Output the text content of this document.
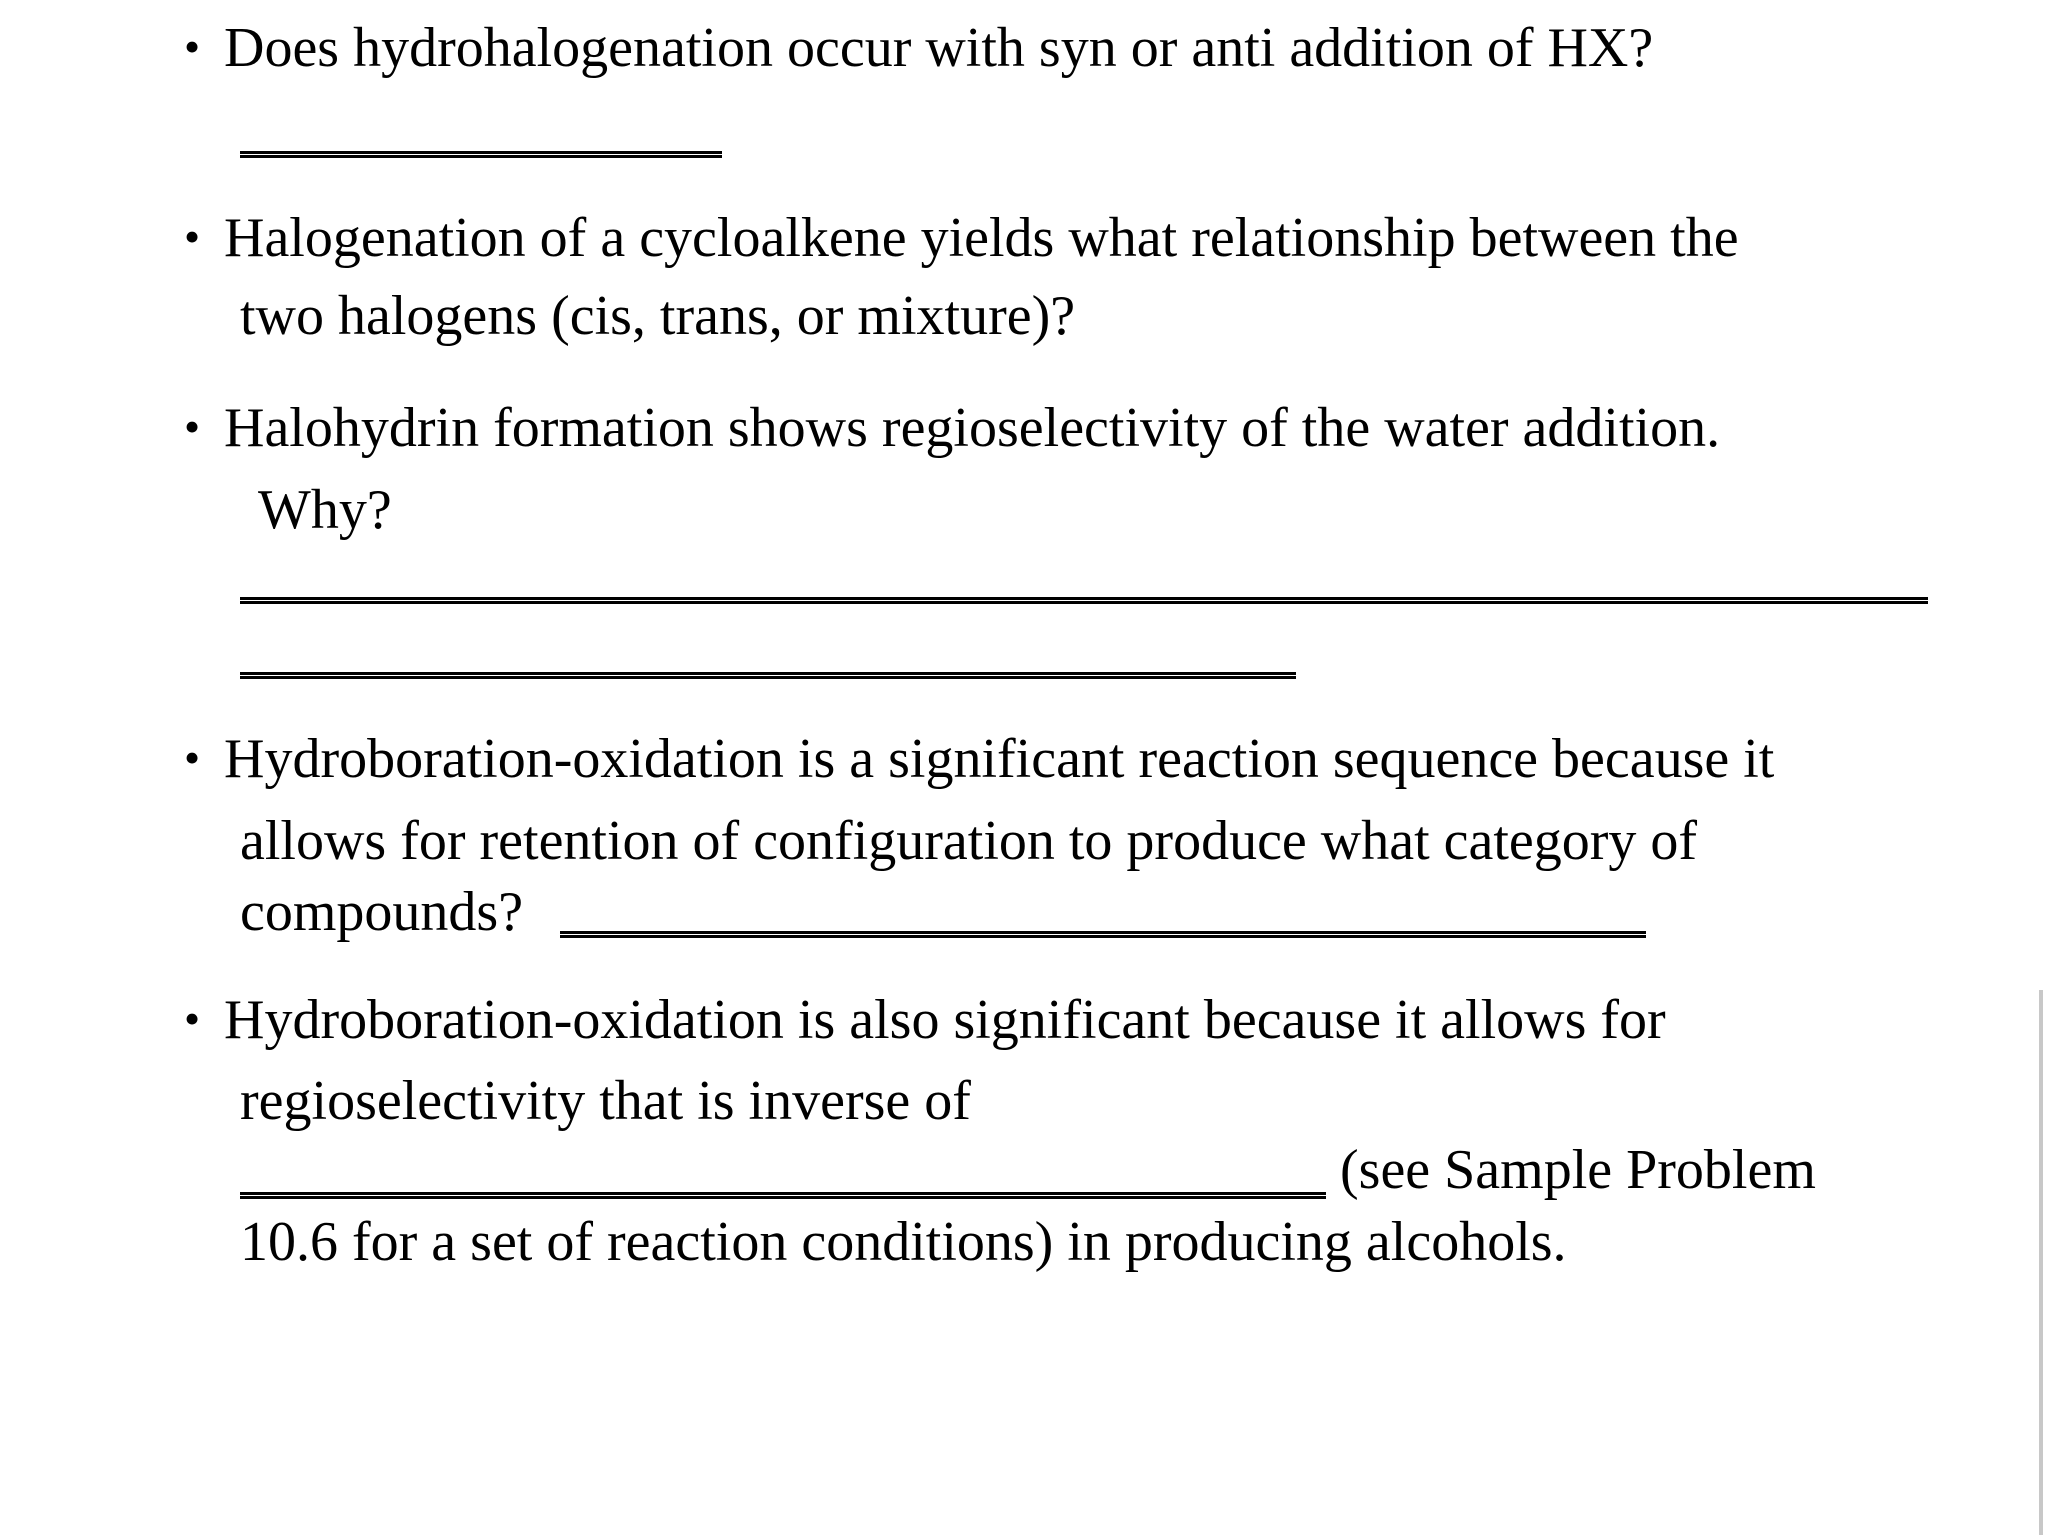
• Does hydrohalogenation occur with syn or anti addition of HX?
• Halogenation of a cycloalkene yields what relationship between the
two halogens (cis, trans, or mixture)?
• Halohydrin formation shows regioselectivity of the water addition.
Why?
• Hydroboration-oxidation is a significant reaction sequence because it
allows for retention of configuration to produce what category of
compounds?
• Hydroboration-oxidation is also significant because it allows for
regioselectivity that is inverse of
(see Sample Problem
10.6 for a set of reaction conditions) in producing alcohols.
